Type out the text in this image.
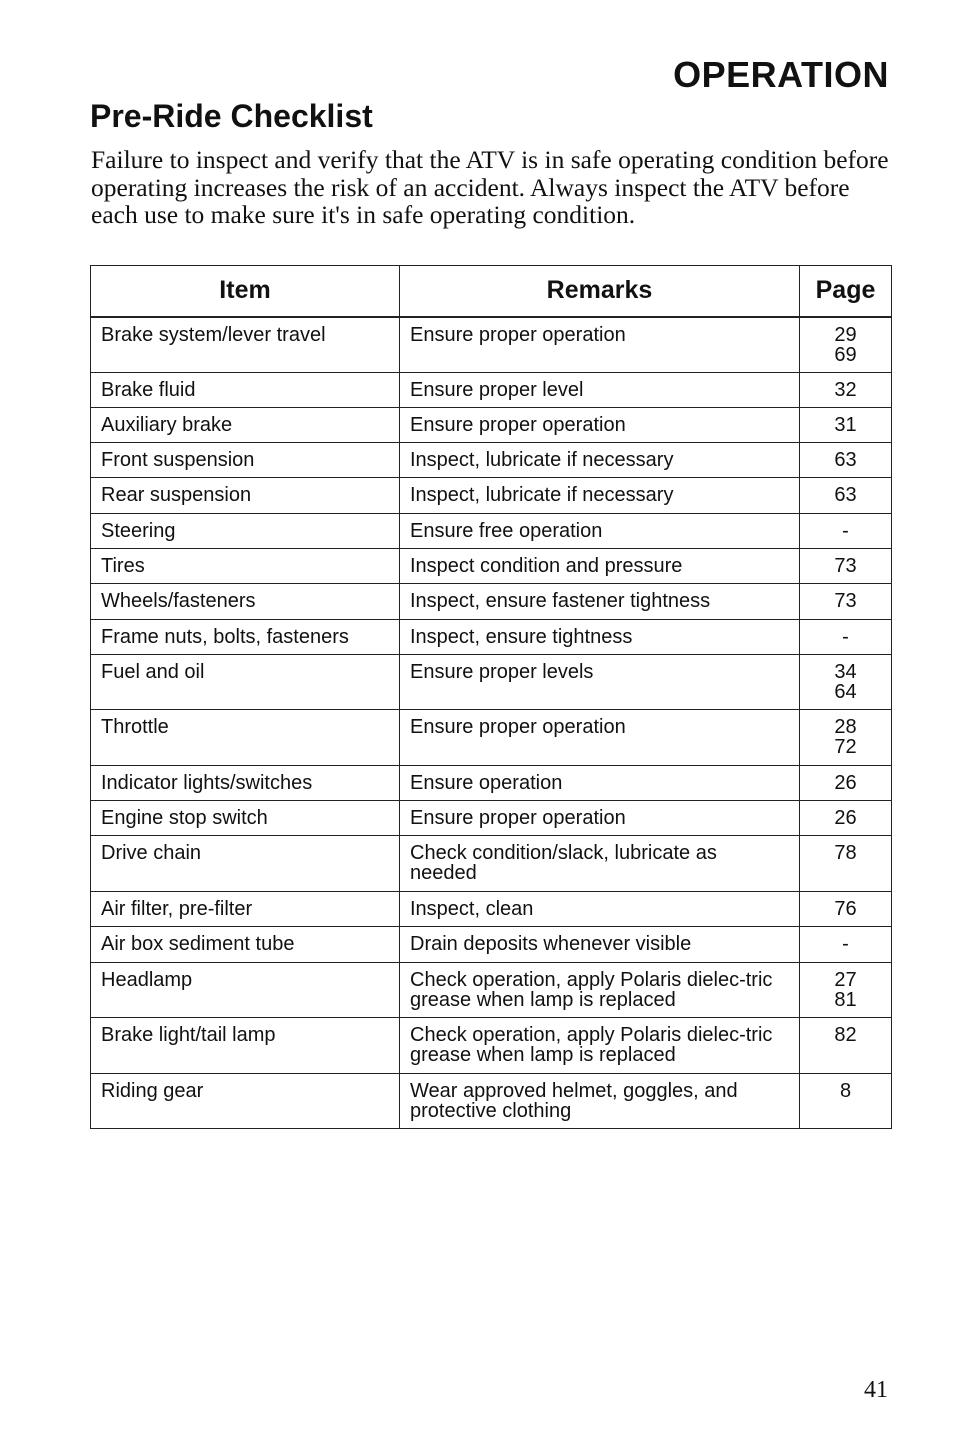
OPERATION
Pre-Ride Checklist

Failure to inspect and verify that the ATV is in safe operating condition before operating increases the risk of an accident. Always inspect the ATV before each use to make sure it's in safe operating condition.

Item	Remarks	Page
Brake system/lever travel	Ensure proper operation	29
69

Brake fluid	Ensure proper level	32

Auxiliary brake	Ensure proper operation	31

Front suspension	Inspect, lubricate if necessary	63

Rear suspension	Inspect, lubricate if necessary	63

Steering	Ensure free operation	-

Tires	Inspect condition and pressure	73

Wheels/fasteners	Inspect, ensure fastener tightness	73

Frame nuts, bolts, fasteners	Inspect, ensure tightness	-

Fuel and oil	Ensure proper levels	34
64

Throttle	Ensure proper operation	28
72

Indicator lights/switches	Ensure operation	26

Engine stop switch	Ensure proper operation	26

Drive chain	Check condition/slack, lubricate as needed	78

Air filter, pre-filter	Inspect, clean	76

Air box sediment tube	Drain deposits whenever visible	-

Headlamp	Check operation, apply Polaris dielec-tric grease when lamp is replaced	27
81

Brake light/tail lamp	Check operation, apply Polaris dielec-tric grease when lamp is replaced	82

Riding gear	Wear approved helmet, goggles, and protective clothing	8

41
